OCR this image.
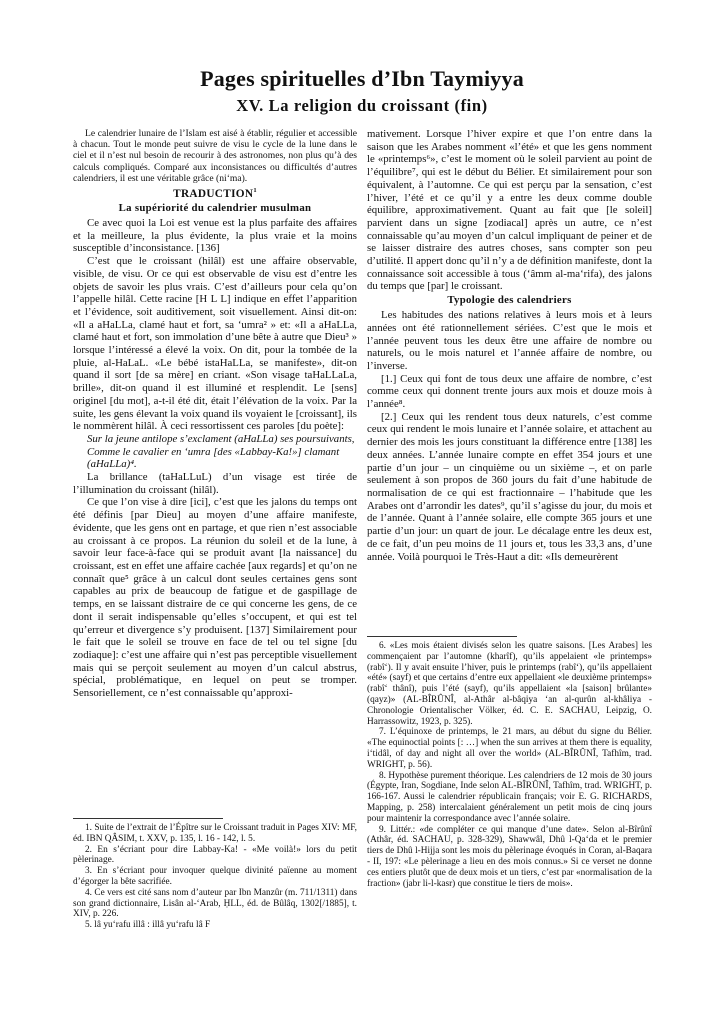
Pages spirituelles d’Ibn Taymiyya
XV. La religion du croissant (fin)

Le calendrier lunaire de l’Islam est aisé à établir, régulier et accessible à chacun. Tout le monde peut suivre de visu le cycle de la lune dans le ciel et il n’est nul besoin de recourir à des astronomes, non plus qu’à des calculs compliqués. Comparé aux inconsistances ou difficultés d’autres calendriers, il est une véritable grâce (ni‘ma).

TRADUCTION$^1$
La supériorité du calendrier musulman

Ce avec quoi la Loi est venue est la plus parfaite des affaires et la meilleure, la plus évidente, la plus vraie et la moins susceptible d’inconsistance. [136]

C’est que le croissant (hilâl) est une affaire observable, visible, de visu. Or ce qui est observable de visu est d’entre les objets de savoir les plus vrais. C’est d’ailleurs pour cela qu’on l’appelle hilâl. Cette racine [H L L] indique en effet l’apparition et l’évidence, soit auditivement, soit visuellement. Ainsi dit-on: «Il a aHaLLa, clamé haut et fort, sa ‘umra² » et: «Il a aHaLLa, clamé haut et fort, son immolation d’une bête à autre que Dieu³ » lorsque l’intéressé a élevé la voix. On dit, pour la tombée de la pluie, al-HaLaL. «Le bébé istaHaLLa, se manifeste», dit-on quand il sort [de sa mère] en criant. «Son visage taHaLLaLa, brille», dit-on quand il est illuminé et resplendit. Le [sens] originel [du mot], a-t-il été dit, était l’élévation de la voix. Par la suite, les gens élevant la voix quand ils voyaient le [croissant], ils le nommèrent hilâl. À ceci ressortissent ces paroles [du poète]:

Sur la jeune antilope s’exclament (aHaLLa) ses poursuivants,

Comme le cavalier en ‘umra [des «Labbay-Ka!»] clamant (aHaLLa)⁴.

La brillance (taHaLLuL) d’un visage est tirée de l’illumination du croissant (hilâl).

Ce que l’on vise à dire [ici], c’est que les jalons du temps ont été définis [par Dieu] au moyen d’une affaire manifeste, évidente, que les gens ont en partage, et que rien n’est associable au croissant à ce propos. La réunion du soleil et de la lune, à savoir leur face-à-face qui se produit avant [la naissance] du croissant, est en effet une affaire cachée [aux regards] et qu’on ne connaît que⁵ grâce à un calcul dont seules certaines gens sont capables au prix de beaucoup de fatigue et de gaspillage de temps, en se laissant distraire de ce qui concerne les gens, de ce dont il serait indispensable qu’elles s’occupent, et qui est tel qu’erreur et divergence s’y produisent. [137] Similairement pour le fait que le soleil se trouve en face de tel ou tel signe [du zodiaque]: c’est une affaire qui n’est pas perceptible visuellement mais qui se perçoit seulement au moyen d’un calcul abstrus, spécial, problématique, en lequel on peut se tromper. Sensoriellement, ce n’est connaissable qu’approxi-

mativement. Lorsque l’hiver expire et que l’on entre dans la saison que les Arabes nomment «l’été» et que les gens nomment le «printemps⁶», c’est le moment où le soleil parvient au point de l’équilibre⁷, qui est le début du Bélier. Et similairement pour son équivalent, à l’automne. Ce qui est perçu par la sensation, c’est l’hiver, l’été et ce qu’il y a entre les deux comme double équilibre, approximativement. Quant au fait que [le soleil] parvient dans un signe [zodiacal] après un autre, ce n’est connaissable qu’au moyen d’un calcul impliquant de peiner et de se laisser distraire des autres choses, sans compter son peu d’utilité. Il appert donc qu’il n’y a de définition manifeste, dont la connaissance soit accessible à tous (‘âmm al-ma‘rifa), des jalons du temps que [par] le croissant.

Typologie des calendriers

Les habitudes des nations relatives à leurs mois et à leurs années ont été rationnellement sériées. C’est que le mois et l’année peuvent tous les deux être une affaire de nombre ou naturels, ou le mois naturel et l’année affaire de nombre, ou l’inverse.

[1.] Ceux qui font de tous deux une affaire de nombre, c’est comme ceux qui donnent trente jours aux mois et douze mois à l’année⁸.

[2.] Ceux qui les rendent tous deux naturels, c’est comme ceux qui rendent le mois lunaire et l’année solaire, et attachent au dernier des mois les jours constituant la différence entre [138] les deux années. L’année lunaire compte en effet 354 jours et une partie d’un jour – un cinquième ou un sixième –, et on parle seulement à son propos de 360 jours du fait d’une habitude de normalisation de ce qui est fractionnaire – l’habitude que les Arabes ont d’arrondir les dates⁹, qu’il s’agisse du jour, du mois et de l’année. Quant à l’année solaire, elle compte 365 jours et une partie d’un jour: un quart de jour. Le décalage entre les deux est, de ce fait, d’un peu moins de 11 jours et, tous les 33,3 ans, d’une année. Voilà pourquoi le Très-Haut a dit: «Ils demeurèrent

6. «Les mois étaient divisés selon les quatre saisons. [Les Arabes] les commençaient par l’automne (kharîf), qu’ils appelaient «le printemps» (rabî‘). Il y avait ensuite l’hiver, puis le printemps (rabî‘), qu’ils appellaient «été» (sayf) et que certains d’entre eux appellaient «le deuxième printemps» (rabî‘ thânî), puis l’été (sayf), qu’ils appellaient «la [saison] brûlante» (qayz)» (AL-BÎRÛNÎ, al-Athâr al-bâqiya ‘an al-qurûn al-khâliya - Chronologie Orientalischer Völker, éd. C. E. SACHAU, Leipzig, O. Harrassowitz, 1923, p. 325).

7. L’équinoxe de printemps, le 21 mars, au début du signe du Bélier. «The equinoctial points [: …] when the sun arrives at them there is equality, i‘tidâl, of day and night all over the world» (AL-BÎRÛNÎ, Tafhîm, trad. WRIGHT, p. 56).

8. Hypothèse purement théorique. Les calendriers de 12 mois de 30 jours (Égypte, Iran, Sogdiane, Inde selon AL-BÎRÛNÎ, Tafhîm, trad. WRIGHT, p. 166-167. Aussi le calendrier républicain français; voir E. G. RICHARDS, Mapping, p. 258) intercalaient généralement un petit mois de cinq jours pour maintenir la correspondance avec l’année solaire.

9. Littér.: «de compléter ce qui manque d’une date». Selon al-Bîrûnî (Athâr, éd. SACHAU, p. 328-329), Shawwâl, Dhû l-Qa‘da et le premier tiers de Dhû l-Hijja sont les mois du pèlerinage évoqués in Coran, al-Baqara - II, 197: «Le pèlerinage a lieu en des mois connus.» Si ce verset ne donne ces entiers plutôt que de deux mois et un tiers, c’est par «normalisation de la fraction» (jabr li-l-kasr) que constitue le tiers de mois».

1. Suite de l’extrait de l’Épître sur le Croissant traduit in Pages XIV: MF, éd. IBN QÂSIM, t. XXV, p. 135, l. 16 - 142, l. 5.

2. En s’écriant pour dire Labbay-Ka! - «Me voilà!» lors du petit pèlerinage.

3. En s’écriant pour invoquer quelque divinité païenne au moment d’égorger la bête sacrifiée.

4. Ce vers est cité sans nom d’auteur par Ibn Manzûr (m. 711/1311) dans son grand dictionnaire, Lisân al-‘Arab, ḤLL, éd. de Bûlâq, 1302[/1885], t. XIV, p. 226.

5. lâ yu‘rafu illâ : illâ yu‘rafu lâ F
